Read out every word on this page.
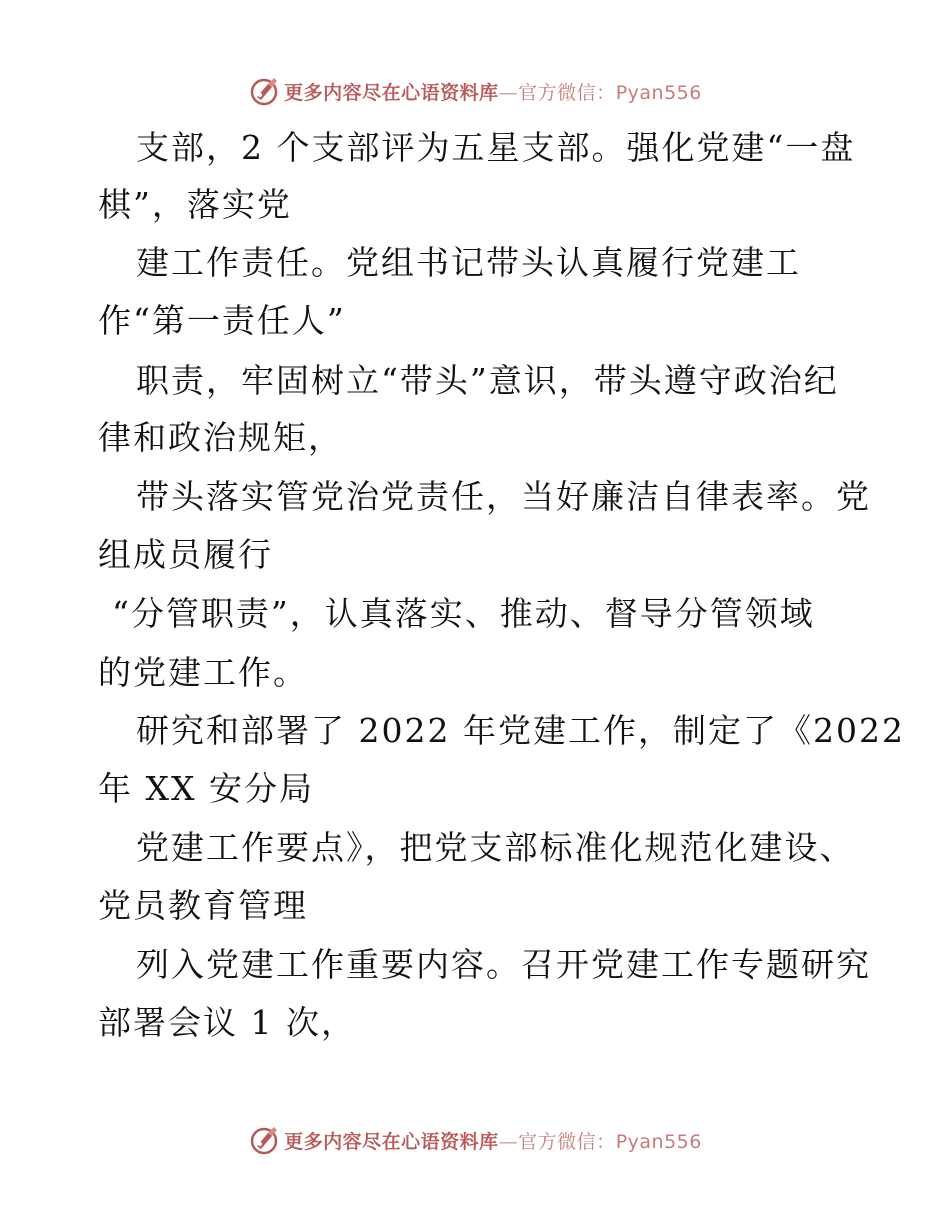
更多内容尽在心语资料库—官方微信：Pyan556
支部，2 个支部评为五星支部。强化党建“一盘
棋”，落实党
建工作责任。党组书记带头认真履行党建工
作“第一责任人”
职责，牢固树立“带头”意识，带头遵守政治纪
律和政治规矩，
带头落实管党治党责任，当好廉洁自律表率。党
组成员履行
“分管职责”，认真落实、推动、督导分管领域
的党建工作。
研究和部署了 2022 年党建工作，制定了《2022
年 XX 安分局
党建工作要点》，把党支部标准化规范化建设、
党员教育管理
列入党建工作重要内容。召开党建工作专题研究
部署会议 1 次，
更多内容尽在心语资料库—官方微信：Pyan556
